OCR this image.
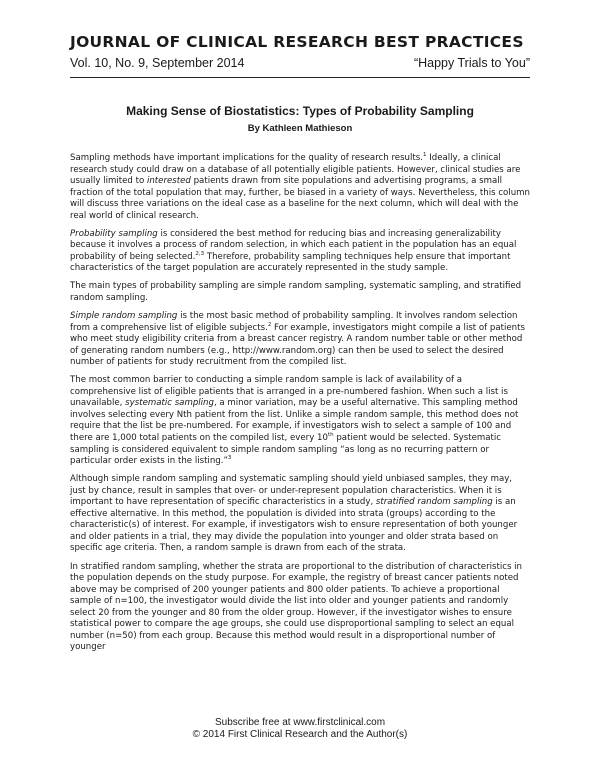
JOURNAL OF CLINICAL RESEARCH BEST PRACTICES
Vol. 10, No. 9, September 2014	“Happy Trials to You”
Making Sense of Biostatistics: Types of Probability Sampling
By Kathleen Mathieson

Sampling methods have important implications for the quality of research results.$^1$ Ideally, a clinical research study could draw on a database of all potentially eligible patients. However, clinical studies are usually limited to interested patients drawn from site populations and advertising programs, a small fraction of the total population that may, further, be biased in a variety of ways. Nevertheless, this column will discuss three variations on the ideal case as a baseline for the next column, which will deal with the real world of clinical research.

Probability sampling is considered the best method for reducing bias and increasing generalizability because it involves a process of random selection, in which each patient in the population has an equal probability of being selected.$^{2,3}$ Therefore, probability sampling techniques help ensure that important characteristics of the target population are accurately represented in the study sample.

The main types of probability sampling are simple random sampling, systematic sampling, and stratified random sampling.

Simple random sampling is the most basic method of probability sampling. It involves random selection from a comprehensive list of eligible subjects.$^2$ For example, investigators might compile a list of patients who meet study eligibility criteria from a breast cancer registry. A random number table or other method of generating random numbers (e.g., http://www.random.org) can then be used to select the desired number of patients for study recruitment from the compiled list.

The most common barrier to conducting a simple random sample is lack of availability of a comprehensive list of eligible patients that is arranged in a pre-numbered fashion. When such a list is unavailable, systematic sampling, a minor variation, may be a useful alternative. This sampling method involves selecting every Nth patient from the list. Unlike a simple random sample, this method does not require that the list be pre-numbered. For example, if investigators wish to select a sample of 100 and there are 1,000 total patients on the compiled list, every 10th patient would be selected. Systematic sampling is considered equivalent to simple random sampling “as long as no recurring pattern or particular order exists in the listing.”$^3$

Although simple random sampling and systematic sampling should yield unbiased samples, they may, just by chance, result in samples that over- or under-represent population characteristics. When it is important to have representation of specific characteristics in a study, stratified random sampling is an effective alternative. In this method, the population is divided into strata (groups) according to the characteristic(s) of interest. For example, if investigators wish to ensure representation of both younger and older patients in a trial, they may divide the population into younger and older strata based on specific age criteria. Then, a random sample is drawn from each of the strata.

In stratified random sampling, whether the strata are proportional to the distribution of characteristics in the population depends on the study purpose. For example, the registry of breast cancer patients noted above may be comprised of 200 younger patients and 800 older patients. To achieve a proportional sample of n=100, the investigator would divide the list into older and younger patients and randomly select 20 from the younger and 80 from the older group. However, if the investigator wishes to ensure statistical power to compare the age groups, she could use disproportional sampling to select an equal number (n=50) from each group. Because this method would result in a disproportional number of younger

Subscribe free at www.firstclinical.com
© 2014 First Clinical Research and the Author(s)
